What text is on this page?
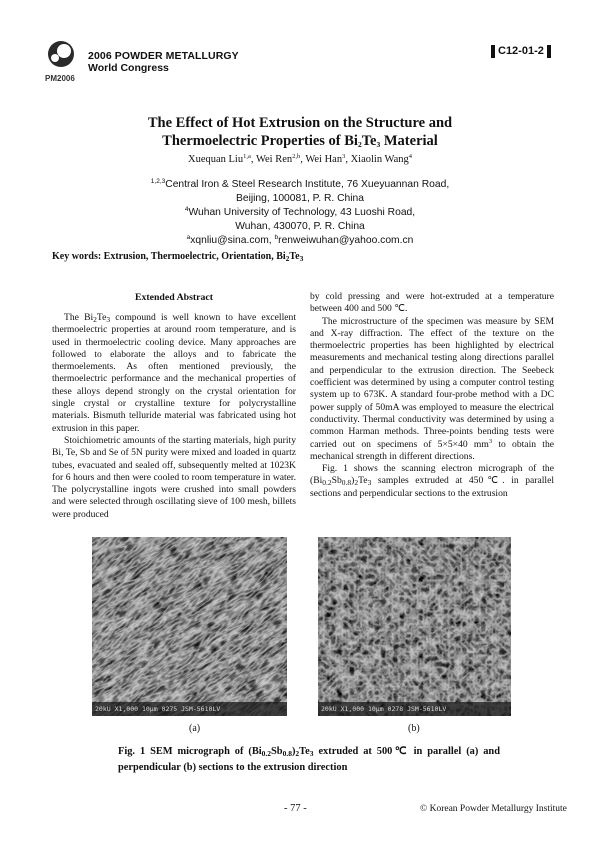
2006 POWDER METALLURGY
World Congress
PM2006
C12-01-2
The Effect of Hot Extrusion on the Structure and
Thermoelectric Properties of $Bi_2Te_3$ Material
Xuequan Liu$^{1,a}$, Wei Ren$^{2,b}$, Wei Han$^3$, Xiaolin Wang$^4$
$^{1,2,3}$Central Iron & Steel Research Institute, 76 Xueyuannan Road,
Beijing, 100081, P. R. China
$^4$Wuhan University of Technology, 43 Luoshi Road,
Wuhan, 430070, P. R. China
$^a$xqnliu@sina.com, $^b$renweiwuhan@yahoo.com.cn
Key words: Extrusion, Thermoelectric, Orientation, $Bi_2Te_3$
Extended Abstract

The $Bi_2Te_3$ compound is well known to have excellent thermoelectric properties at around room temperature, and is used in thermoelectric cooling device. Many approaches are followed to elaborate the alloys and to fabricate the thermoelements. As often mentioned previously, the thermoelectric performance and the mechanical properties of these alloys depend strongly on the crystal orientation for single crystal or crystalline texture for polycrystalline materials. Bismuth telluride material was fabricated using hot extrusion in this paper.

Stoichiometric amounts of the starting materials, high purity Bi, Te, Sb and Se of 5N purity were mixed and loaded in quartz tubes, evacuated and sealed off, subsequently melted at 1023K for 6 hours and then were cooled to room temperature in water. The polycrystalline ingots were crushed into small powders and were selected through oscillating sieve of 100 mesh, billets were produced

by cold pressing and were hot-extruded at a temperature between 400 and 500 ℃.

The microstructure of the specimen was measure by SEM and X-ray diffraction. The effect of the texture on the thermoelectric properties has been highlighted by electrical measurements and mechanical testing along directions parallel and perpendicular to the extrusion direction. The Seebeck coefficient was determined by using a computer control testing system up to 673K. A standard four-probe method with a DC power supply of 50mA was employed to measure the electrical conductivity. Thermal conductivity was determined by using a common Harman methods. Three-points bending tests were carried out on specimens of 5×5×40 $mm^3$ to obtain the mechanical strength in different directions.

Fig. 1 shows the scanning electron micrograph of the $(Bi_{0.2}Sb_{0.8})_2Te_3$ samples extruded at 450℃. in parallel sections and perpendicular sections to the extrusion

20kU X1,000 10µm 0275 JSM-5610LV	20kU X1,000 10µm 0278 JSM-5610LV
(a)	(b)
Fig. 1 SEM micrograph of $(Bi_{0.2}Sb_{0.8})_2Te_3$ extruded at 500℃ in parallel (a) and perpendicular (b) sections to the extrusion direction
- 77 -	© Korean Powder Metallurgy Institute
